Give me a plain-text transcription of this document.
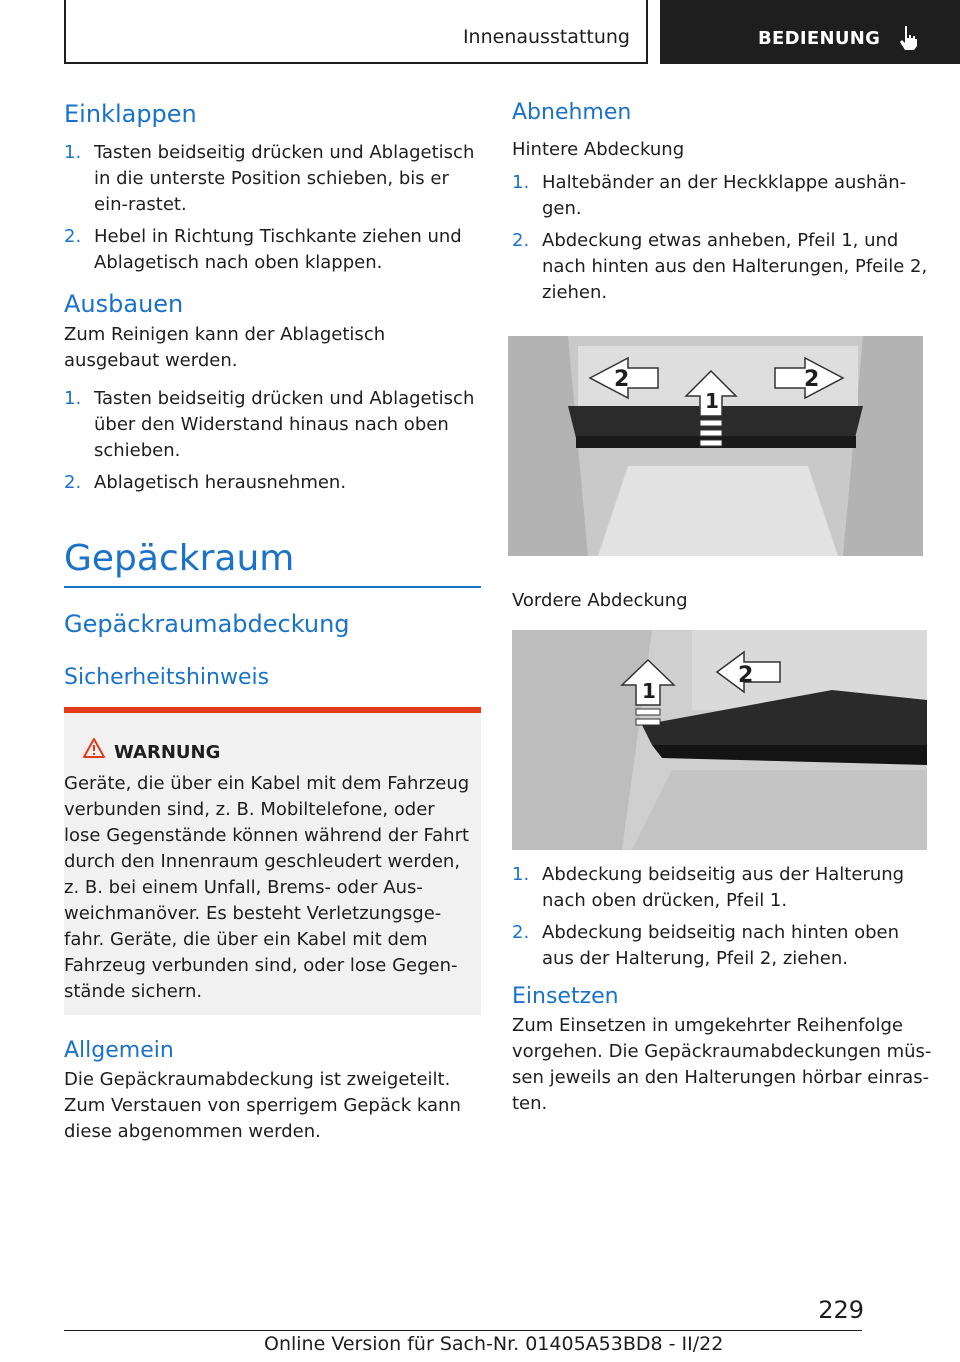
Innenausstattung	BEDIENUNG
Einklappen
1. Tasten beidseitig drücken und Ablagetisch in die unterste Position schieben, bis er ein‐rastet.
2. Hebel in Richtung Tischkante ziehen und Ablagetisch nach oben klappen.
Ausbauen
Zum Reinigen kann der Ablagetisch ausgebaut werden.
1. Tasten beidseitig drücken und Ablagetisch über den Widerstand hinaus nach oben schieben.
2. Ablagetisch herausnehmen.
Gepäckraum
Gepäckraumabdeckung
Sicherheitshinweis
WARNUNG
Geräte, die über ein Kabel mit dem Fahrzeug verbunden sind, z. B. Mobiltelefone, oder lose Gegenstände können während der Fahrt durch den Innenraum geschleudert werden, z. B. bei einem Unfall, Brems- oder Aus‐weichmanöver. Es besteht Verletzungsge‐fahr. Geräte, die über ein Kabel mit dem Fahrzeug verbunden sind, oder lose Gegen‐stände sichern.
Allgemein
Die Gepäckraumabdeckung ist zweigeteilt. Zum Verstauen von sperrigem Gepäck kann diese abgenommen werden.
Abnehmen
Hintere Abdeckung
1. Haltebänder an der Heckklappe aushän‐gen.
2. Abdeckung etwas anheben, Pfeil 1, und nach hinten aus den Halterungen, Pfeile 2, ziehen.
2
1
2
Vordere Abdeckung
1
2
1. Abdeckung beidseitig aus der Halterung nach oben drücken, Pfeil 1.
2. Abdeckung beidseitig nach hinten oben aus der Halterung, Pfeil 2, ziehen.
Einsetzen
Zum Einsetzen in umgekehrter Reihenfolge vorgehen. Die Gepäckraumabdeckungen müs‐sen jeweils an den Halterungen hörbar einras‐ten.
229
Online Version für Sach-Nr. 01405A53BD8 - II/22
